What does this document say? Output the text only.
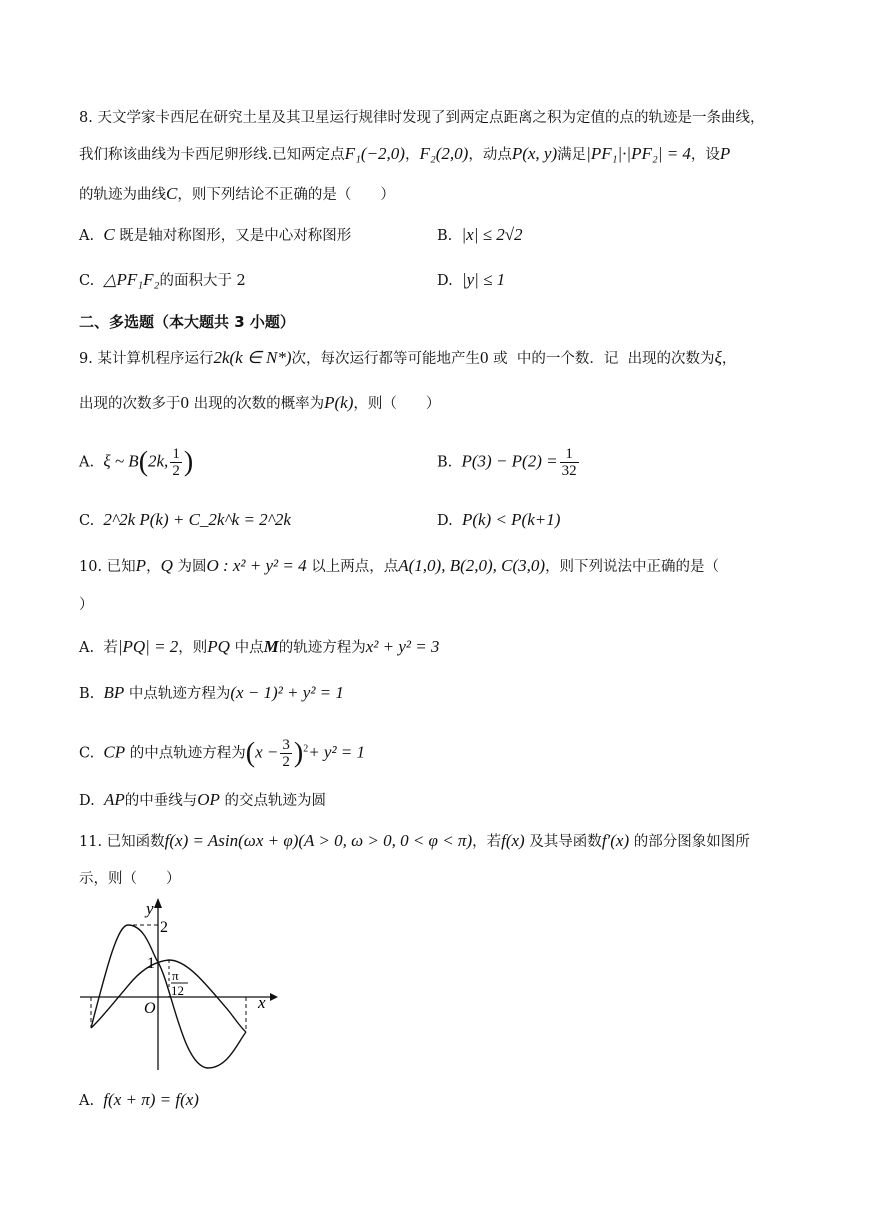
8. 天文学家卡西尼在研究土星及其卫星运行规律时发现了到两定点距离之积为定值的点的轨迹是一条曲线，
我们称该曲线为卡西尼卵形线.已知两定点F₁(−2,0)，F₂(2,0)，动点P(x, y)满足|PF₁|·|PF₂| = 4，设P
的轨迹为曲线C，则下列结论不正确的是（　　）
A. C 既是轴对称图形，又是中心对称图形	B. |x| ≤ 2√2
C. △PF₁F₂的面积大于 2	D. |y| ≤ 1
二、多选题（本大题共 3 小题）
9. 某计算机程序运行2k(k ∈ N*)次，每次运行都等可能地产生0 或 中的一个数．记 出现的次数为ξ，
出现的次数多于0 出现的次数的概率为P(k)，则（　　）
A. ξ ~ B(2k, $\frac{1}{2}$ )	B. $P(3) - P(2) = \frac{1}{32}$
C. 2^2k P(k) + C_2k^k = 2^2k	D. P(k) < P(k+1)
10. 已知P，Q 为圆O : x² + y² = 4 以上两点，点A(1,0), B(2,0), C(3,0)，则下列说法中正确的是（
）
A. 若|PQ| = 2，则PQ 中点M的轨迹方程为x² + y² = 3
B. BP 中点轨迹方程为(x − 1)² + y² = 1
C. CP 的中点轨迹方程为$(x - \frac{3}{2} )^2+ y^2 = 1$
D. AP的中垂线与OP 的交点轨迹为圆
11. 已知函数f(x) = Asin(ωx + φ)(A > 0, ω > 0, 0 < φ < π)，若f(x) 及其导函数f′(x) 的部分图象如图所
示，则（　　）
y
x
O
2
1
π
12
A. f(x + π) = f(x)
